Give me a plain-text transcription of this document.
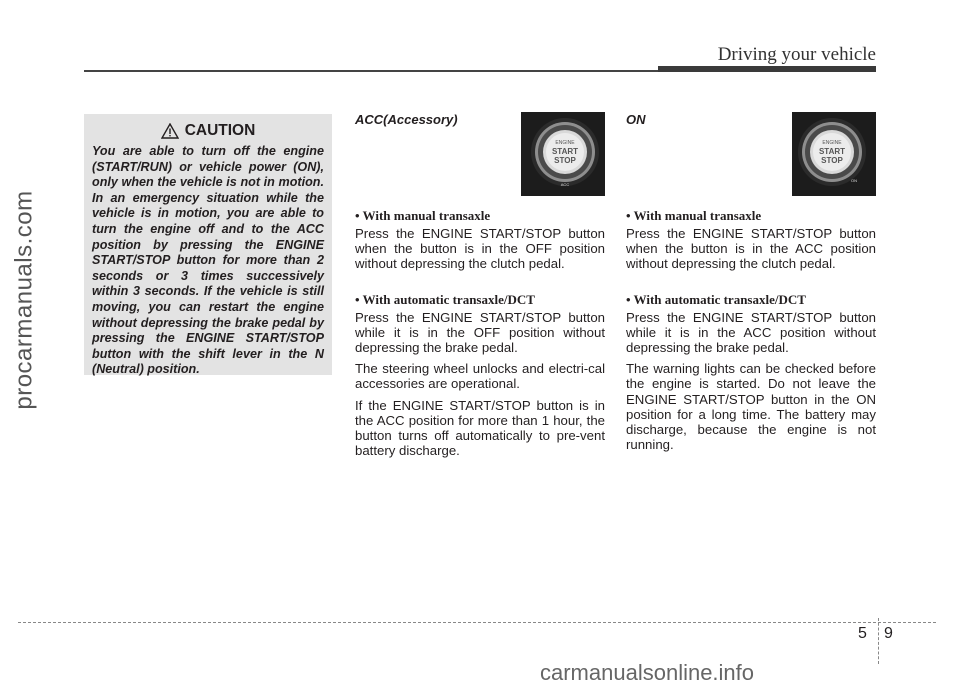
Driving your vehicle
procarmanuals.com
CAUTION
You are able to turn off the engine (START/RUN) or vehicle power (ON), only when the vehicle is not in motion. In an emergency situation while the vehicle is in motion, you are able to turn the engine off and to the ACC position by pressing the ENGINE START/STOP button for more than 2 seconds or 3 times successively within 3 seconds. If the vehicle is still moving, you can restart the engine without depressing the brake pedal by pressing the ENGINE START/STOP button with the shift lever in the N (Neutral) position.
ACC(Accessory)
ENGINE
START
STOP
ACC
• With manual transaxle

Press the ENGINE START/STOP button when the button is in the OFF position without depressing the clutch pedal.

• With automatic transaxle/DCT

Press the ENGINE START/STOP button while it is in the OFF position without depressing the brake pedal.

The steering wheel unlocks and electri-cal accessories are operational.

If the ENGINE START/STOP button is in the ACC position for more than 1 hour, the button turns off automatically to pre-vent battery discharge.

ON
ENGINE
START
STOP
ON
• With manual transaxle

Press the ENGINE START/STOP button when the button is in the ACC position without depressing the clutch pedal.

• With automatic transaxle/DCT

Press the ENGINE START/STOP button while it is in the ACC position without depressing the brake pedal.

The warning lights can be checked before the engine is started. Do not leave the ENGINE START/STOP button in the ON position for a long time. The battery may discharge, because the engine is not running.

5 9
carmanualsonline.info
